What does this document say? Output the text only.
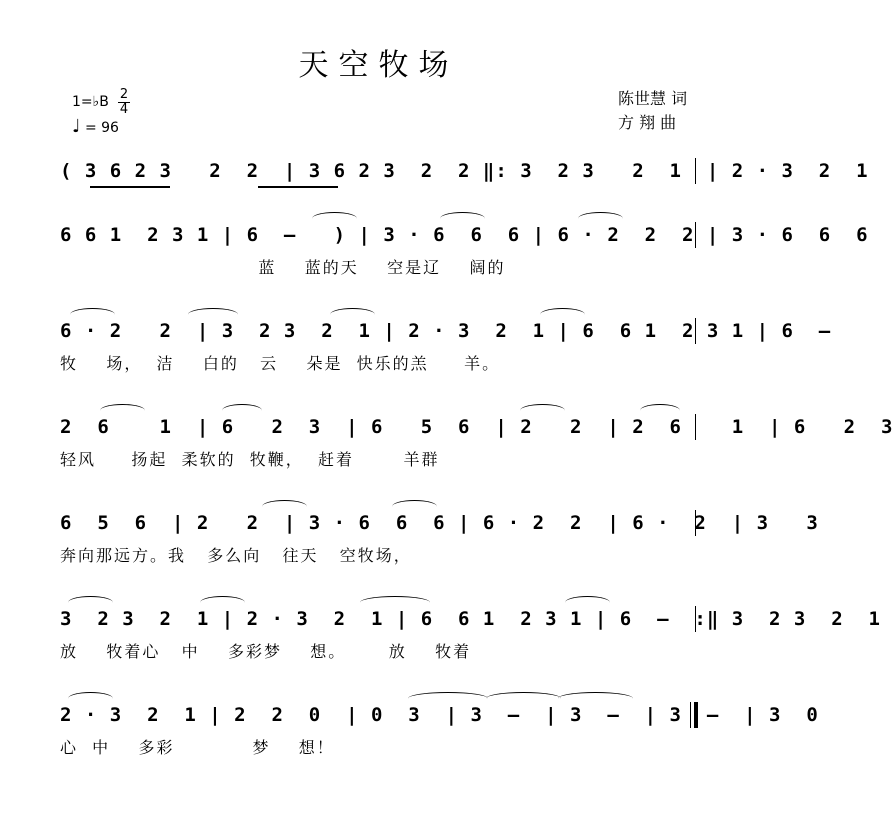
天空牧场
1=♭B 2
4
♩ = 96
陈世慧 词
方 翔 曲
( 3 6 2 3   2  2  | 3 6 2 3  2  2 ‖: 3  2 3   2  1  | 2 · 3  2  1
6 6 1  2 3 1 | 6  –   ) | 3 · 6  6  6 | 6 · 2  2  2 | 3 · 6  6  6
蓝    蓝的天    空是辽    阔的
6 · 2   2  | 3  2 3  2  1 | 2 · 3  2  1 | 6  6 1  2 3 1 | 6  –
牧    场，  洁    白的   云    朵是  快乐的羔     羊。
2  6    1  | 6   2  3  | 6   5  6  | 2   2  | 2  6    1  | 6   2  3
轻风     扬起  柔软的  牧鞭，  赶着       羊群
6  5  6  | 2   2  | 3 · 6  6  6 | 6 · 2  2  | 6 ·  2  | 3   3
奔向那远方。我   多么向   往天   空牧场，
3  2 3  2  1 | 2 · 3  2  1 | 6  6 1  2 3 1 | 6  –  :‖ 3  2 3  2  1
放    牧着心   中    多彩梦    想。      放    牧着
2 · 3  2  1 | 2  2  0  | 0  3  | 3  –  | 3  –  | 3  –  | 3  0
心  中    多彩           梦    想！
